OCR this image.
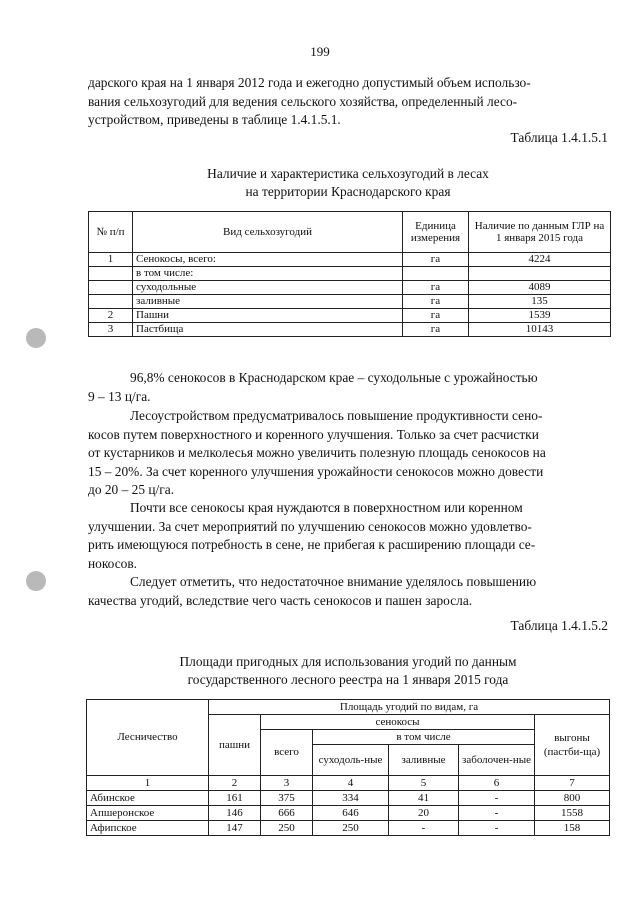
199

дарского края на 1 января 2012 года и ежегодно допустимый объем использо-
вания сельхозугодий для ведения сельского хозяйства, определенный лесо-
устройством, приведены в таблице 1.4.1.5.1.

Таблица 1.4.1.5.1
Наличие и характеристика сельхозугодий в лесах
на территории Краснодарского края
№ п/п	Вид сельхозугодий	Единица измерения	Наличие по данным ГЛР на 1 января 2015 года
1	Сенокосы, всего:	га	4224
	в том числе:		
	суходольные	га	4089
	заливные	га	135
2	Пашни	га	1539
3	Пастбища	га	10143

96,8% сенокосов в Краснодарском крае – суходольные с урожайностью
9 – 13 ц/га.

Лесоустройством предусматривалось повышение продуктивности сено-
косов путем поверхностного и коренного улучшения. Только за счет расчистки
от кустарников и мелколесья можно увеличить полезную площадь сенокосов на
15 – 20%. За счет коренного улучшения урожайности сенокосов можно довести
до 20 – 25 ц/га.

Почти все сенокосы края нуждаются в поверхностном или коренном
улучшении. За счет мероприятий по улучшению сенокосов можно удовлетво-
рить имеющуюся потребность в сене, не прибегая к расширению площади се-
нокосов.

Следует отметить, что недостаточное внимание уделялось повышению
качества угодий, вследствие чего часть сенокосов и пашен заросла.

Таблица 1.4.1.5.2
Площади пригодных для использования угодий по данным
государственного лесного реестра на 1 января 2015 года
Лесничество	Площадь угодий по видам, га					
	пашни	сенокосы				выгоны (пастби-ща)
		всего	в том числе			
			суходоль-ные	заливные	заболочен-ные	
1	2	3	4	5	6	7
Абинское	161	375	334	41	-	800
Апшеронское	146	666	646	20	-	1558
Афипское	147	250	250	-	-	158
